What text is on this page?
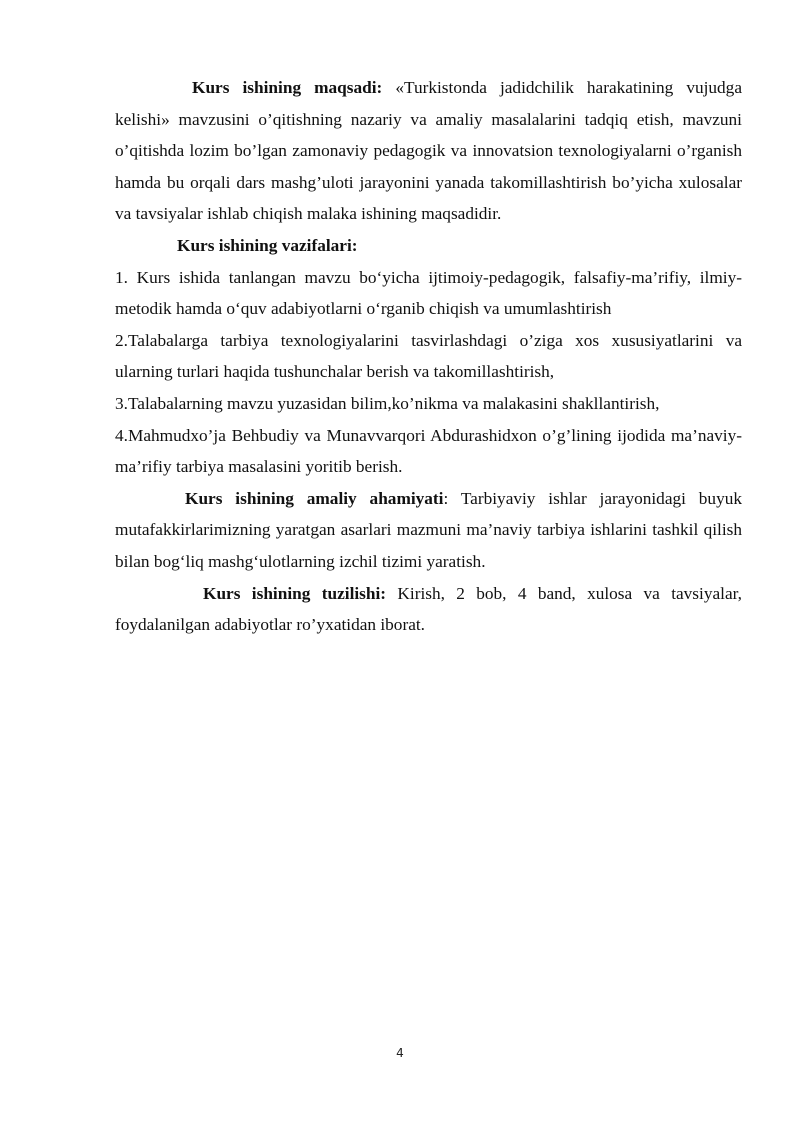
Kurs ishining maqsadi: «Turkistonda jadidchilik harakatining vujudga kelishi» mavzusini o’qitishning nazariy va amaliy masalalarini tadqiq etish, mavzuni o’qitishda lozim bo’lgan zamonaviy pedagogik va innovatsion texnologiyalarni o’rganish hamda bu orqali dars mashg’uloti jarayonini yanada takomillashtirish bo’yicha xulosalar va tavsiyalar ishlab chiqish malaka ishining maqsadidir.

Kurs ishining vazifalari:

1. Kurs ishida tanlangan mavzu bo‘yicha ijtimoiy-pedagogik, falsafiy-ma’rifiy, ilmiy-metodik hamda o‘quv adabiyotlarni o‘rganib chiqish va umumlashtirish

2.Talabalarga tarbiya texnologiyalarini tasvirlashdagi o’ziga xos xususiyatlarini va ularning turlari haqida tushunchalar berish va takomillashtirish,

3.Talabalarning mavzu yuzasidan bilim,ko’nikma va malakasini shakllantirish,

4.Mahmudxo’ja Behbudiy va Munavvarqori Abdurashidxon o’g’lining ijodida ma’naviy-ma’rifiy tarbiya masalasini yoritib berish.

Kurs ishining amaliy ahamiyati: Tarbiyaviy ishlar jarayonidagi buyuk mutafakkirlarimizning yaratgan asarlari mazmuni ma’naviy tarbiya ishlarini tashkil qilish bilan bog‘liq mashg‘ulotlarning izchil tizimi yaratish.

Kurs ishining tuzilishi: Kirish, 2 bob, 4 band, xulosa va tavsiyalar, foydalanilgan adabiyotlar ro’yxatidan iborat.

4
